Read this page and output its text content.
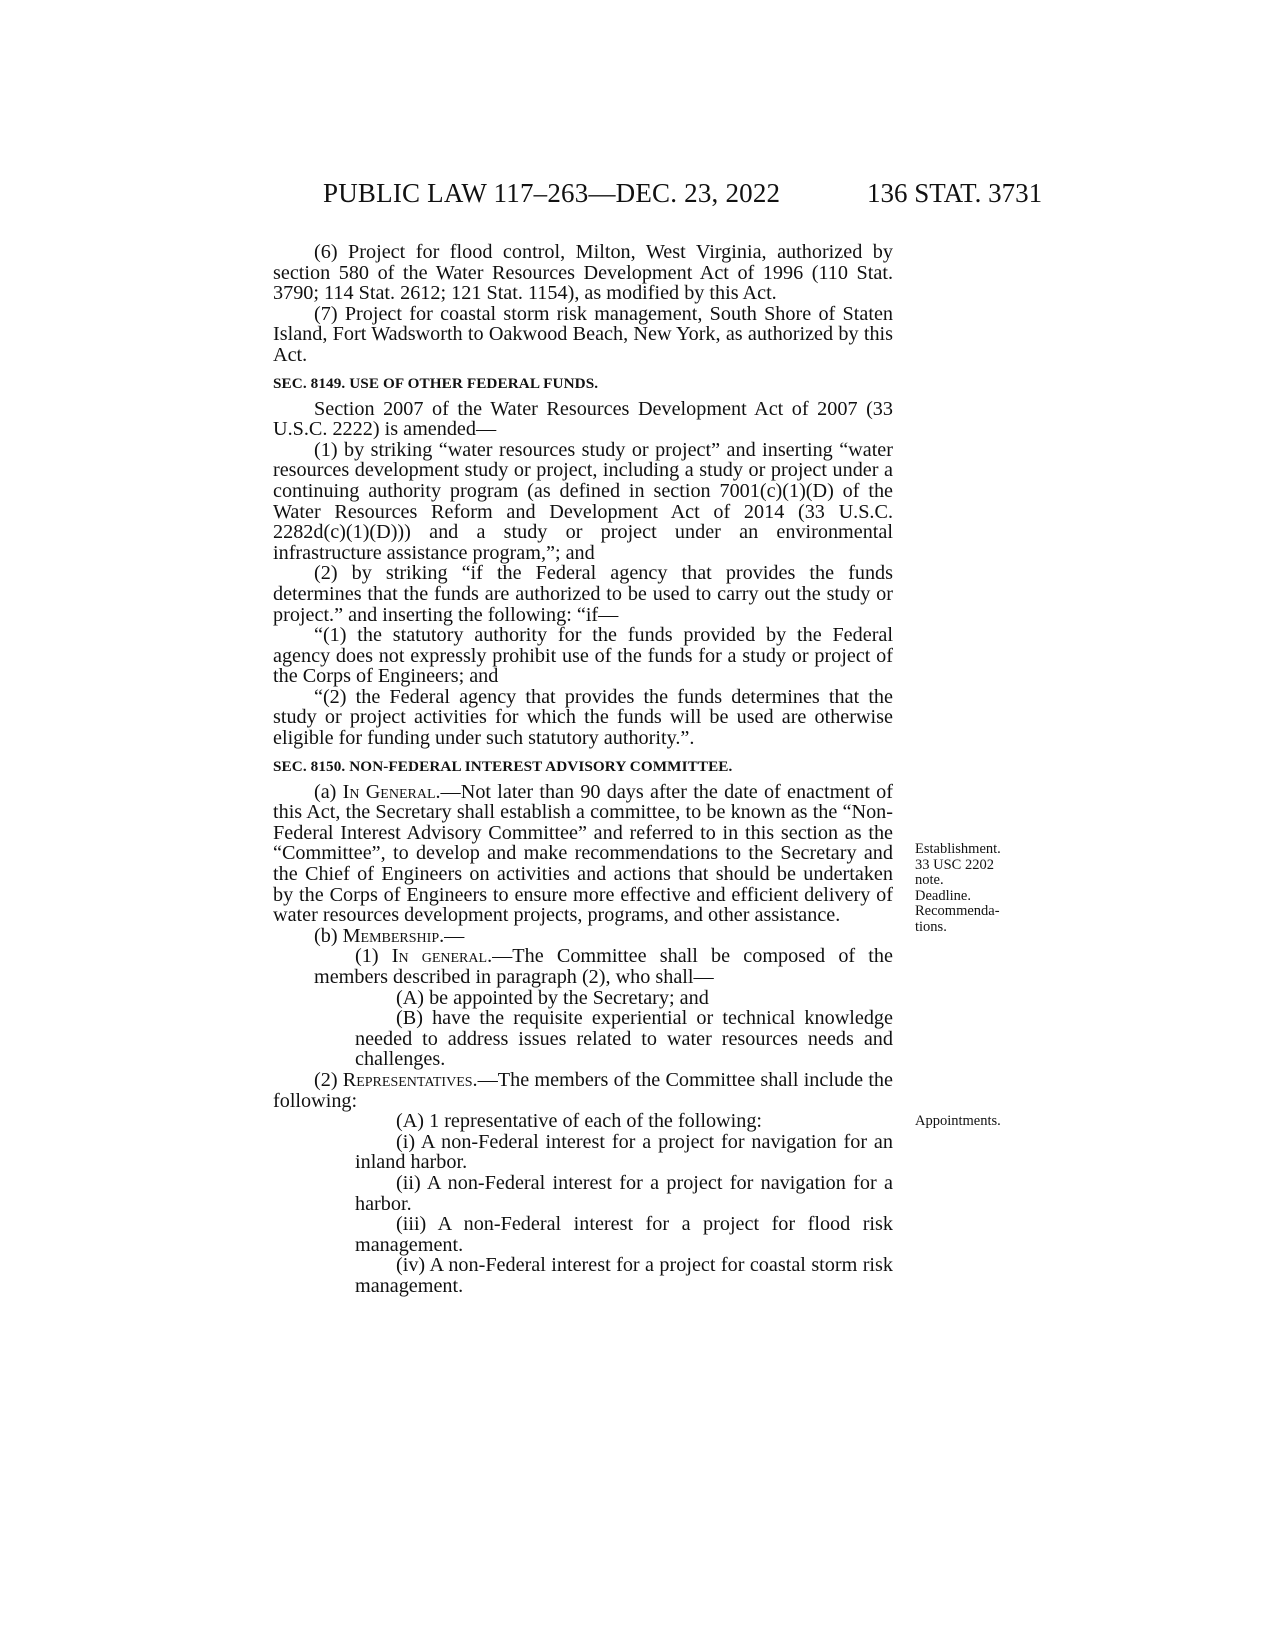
PUBLIC LAW 117–263—DEC. 23, 2022	136 STAT. 3731

(6) Project for flood control, Milton, West Virginia, authorized by section 580 of the Water Resources Development Act of 1996 (110 Stat. 3790; 114 Stat. 2612; 121 Stat. 1154), as modified by this Act.

(7) Project for coastal storm risk management, South Shore of Staten Island, Fort Wadsworth to Oakwood Beach, New York, as authorized by this Act.

SEC. 8149. USE OF OTHER FEDERAL FUNDS.

Section 2007 of the Water Resources Development Act of 2007 (33 U.S.C. 2222) is amended—

(1) by striking “water resources study or project” and inserting “water resources development study or project, including a study or project under a continuing authority program (as defined in section 7001(c)(1)(D) of the Water Resources Reform and Development Act of 2014 (33 U.S.C. 2282d(c)(1)(D))) and a study or project under an environmental infrastructure assistance program,”; and

(2) by striking “if the Federal agency that provides the funds determines that the funds are authorized to be used to carry out the study or project.” and inserting the following: “if—

“(1) the statutory authority for the funds provided by the Federal agency does not expressly prohibit use of the funds for a study or project of the Corps of Engineers; and

“(2) the Federal agency that provides the funds determines that the study or project activities for which the funds will be used are otherwise eligible for funding under such statutory authority.”.

SEC. 8150. NON-FEDERAL INTEREST ADVISORY COMMITTEE.

(a) In General.—Not later than 90 days after the date of enactment of this Act, the Secretary shall establish a committee, to be known as the “Non-Federal Interest Advisory Committee” and referred to in this section as the “Committee”, to develop and make recommendations to the Secretary and the Chief of Engineers on activities and actions that should be undertaken by the Corps of Engineers to ensure more effective and efficient delivery of water resources development projects, programs, and other assistance.

(b) Membership.—

(1) In general.—The Committee shall be composed of the members described in paragraph (2), who shall—

(A) be appointed by the Secretary; and

(B) have the requisite experiential or technical knowledge needed to address issues related to water resources needs and challenges.

(2) Representatives.—The members of the Committee shall include the following:

(A) 1 representative of each of the following:

(i) A non-Federal interest for a project for navigation for an inland harbor.

(ii) A non-Federal interest for a project for navigation for a harbor.

(iii) A non-Federal interest for a project for flood risk management.

(iv) A non-Federal interest for a project for coastal storm risk management.

Establishment.
33 USC 2202
note.
Deadline.
Recommenda-
tions.
Appointments.
